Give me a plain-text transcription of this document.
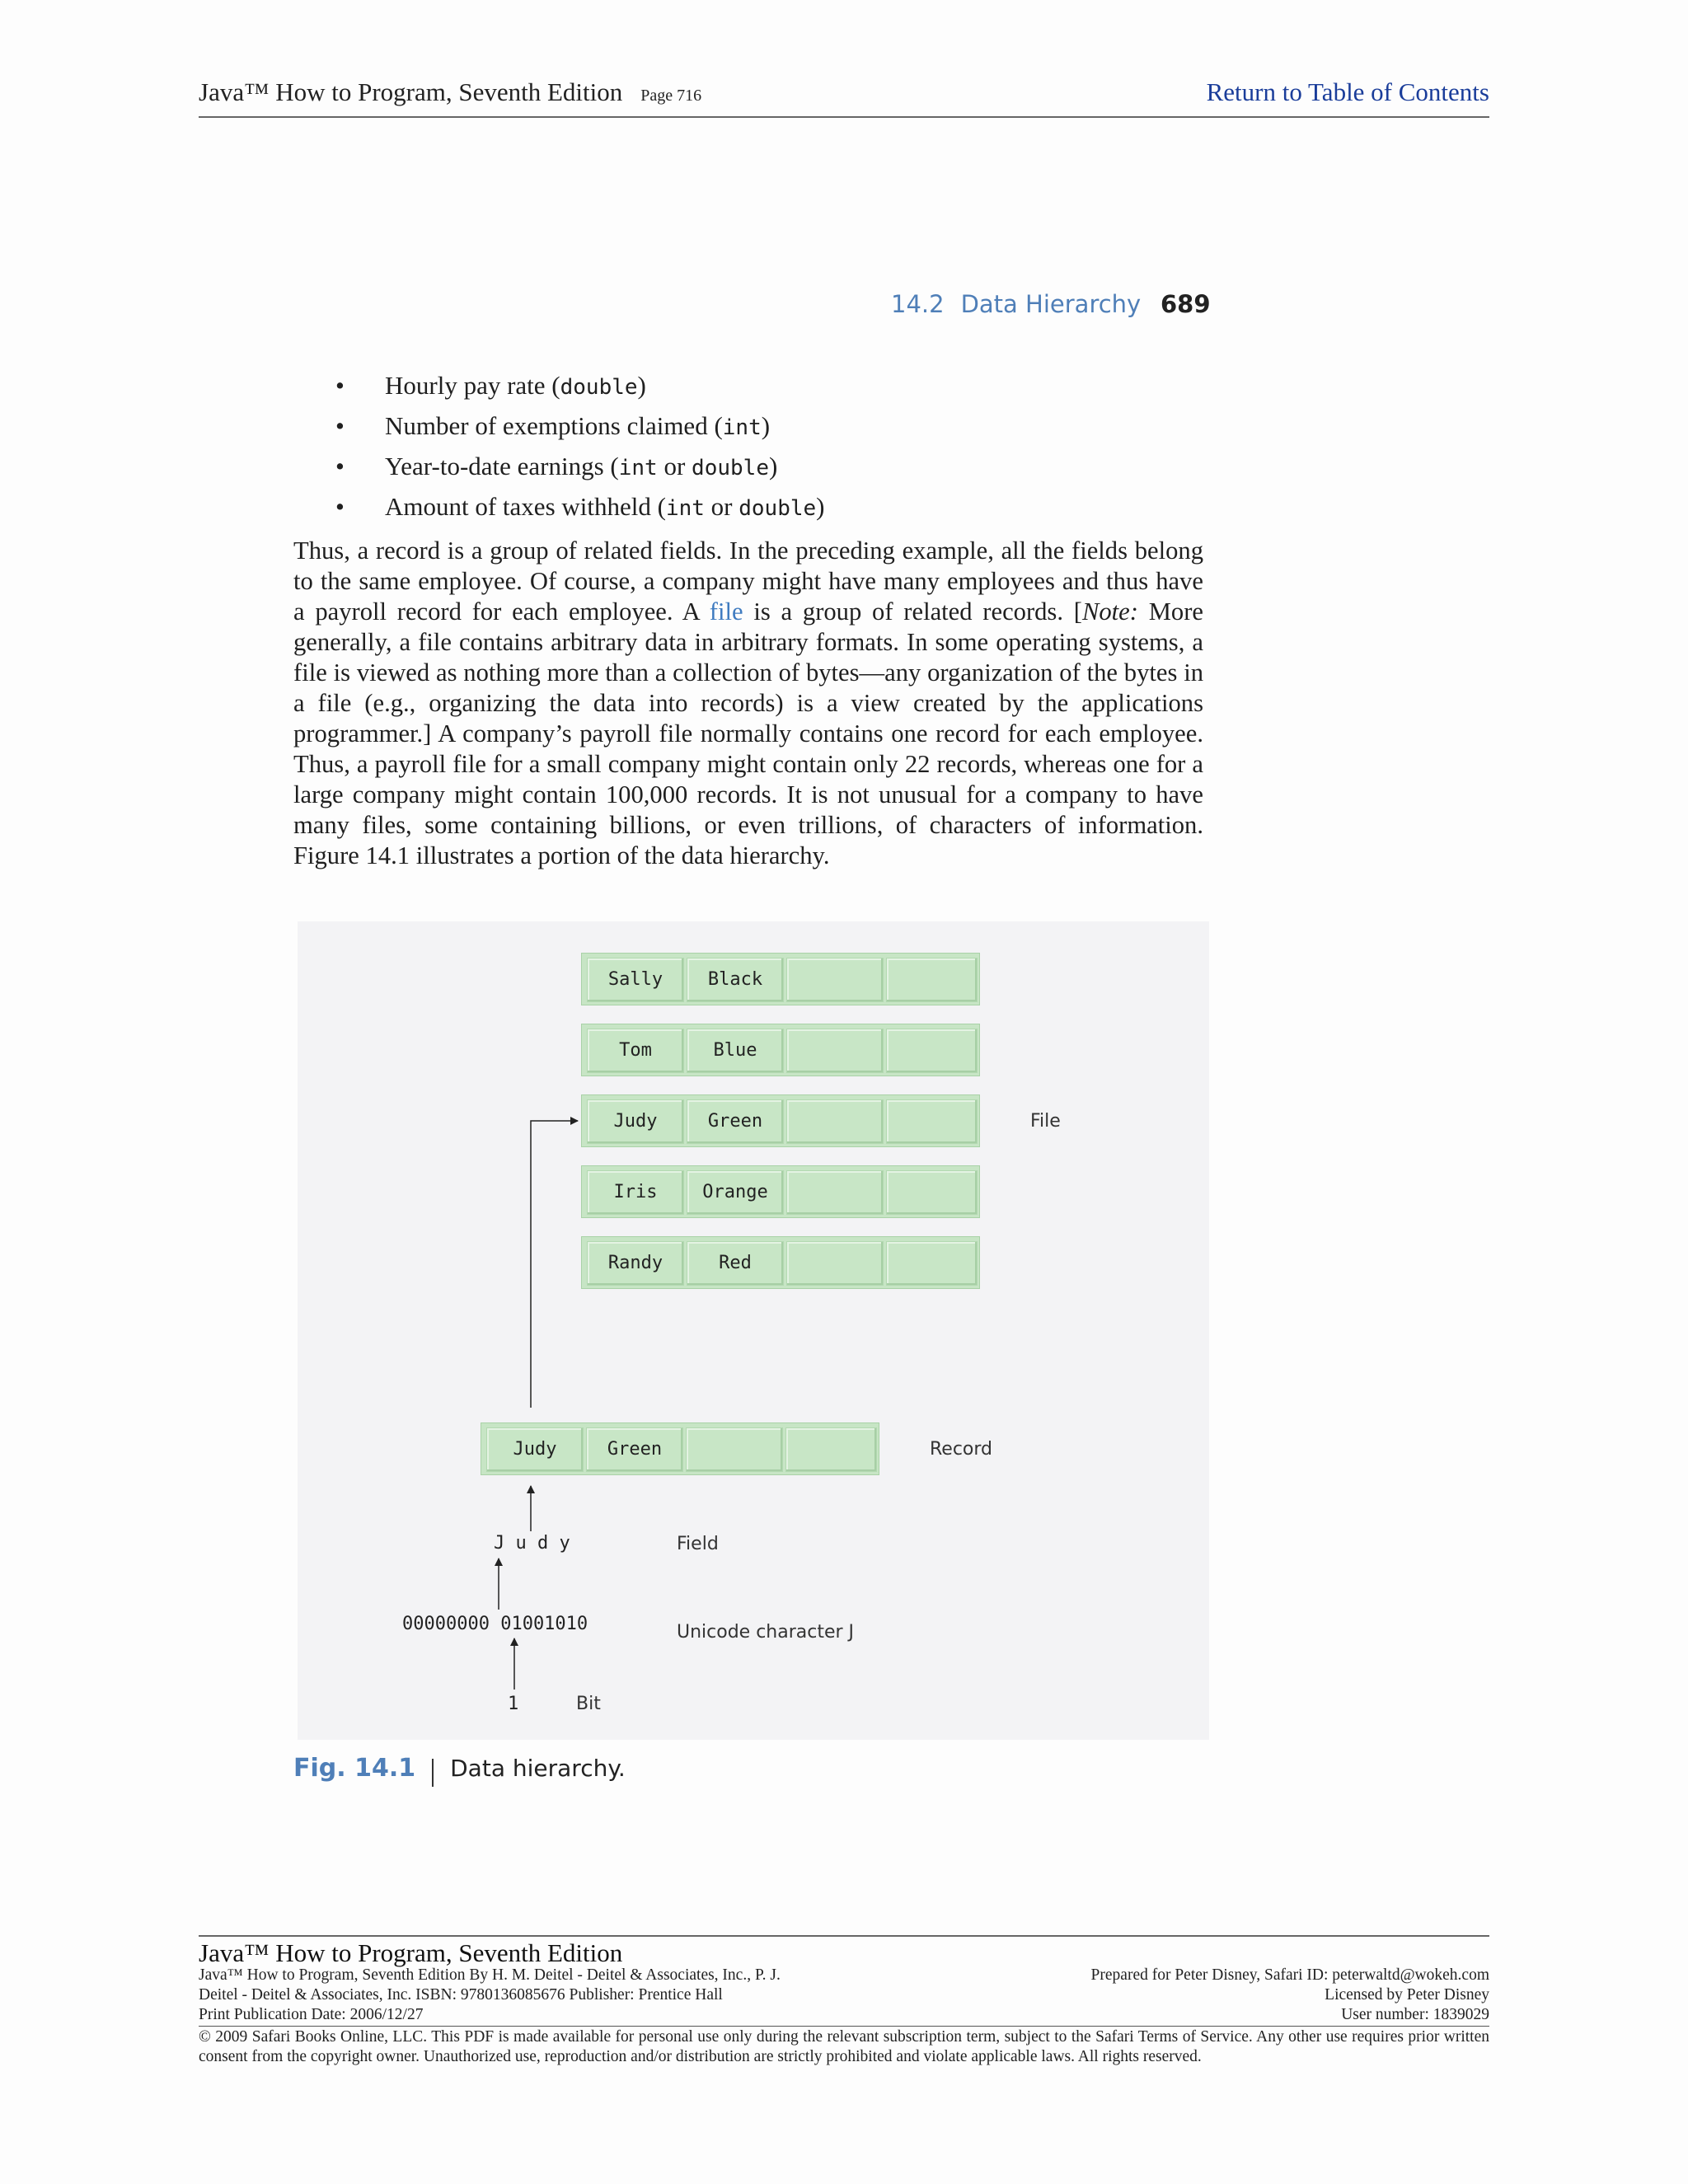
Java™ How to Program, Seventh Edition Page 716	Return to Table of Contents
14.2 Data Hierarchy 689
• Hourly pay rate (double)
• Number of exemptions claimed (int)
• Year-to-date earnings (int or double)
• Amount of taxes withheld (int or double)
Thus, a record is a group of related fields. In the preceding example, all the fields belong to the same employee. Of course, a company might have many employees and thus have a payroll record for each employee. A file is a group of related records. [Note: More generally, a file contains arbitrary data in arbitrary formats. In some operating systems, a file is viewed as nothing more than a collection of bytes—any organization of the bytes in a file (e.g., organizing the data into records) is a view created by the applications programmer.] A company’s payroll file normally contains one record for each employee. Thus, a payroll file for a small company might contain only 22 records, whereas one for a large company might contain 100,000 records. It is not unusual for a company to have many files, some containing billions, or even trillions, of characters of information. Figure 14.1 illustrates a portion of the data hierarchy.
Sally	Black
Tom	Blue
Judy	Green
Iris	Orange
Randy	Red
File
Judy	Green	Record
J u d y	Field
00000000 01001010	Unicode character J
1	Bit
Fig. 14.1 Data hierarchy.
Java™ How to Program, Seventh Edition
Java™ How to Program, Seventh Edition By H. M. Deitel - Deitel & Associates, Inc., P. J.
Deitel - Deitel & Associates, Inc. ISBN: 9780136085676 Publisher: Prentice Hall
Print Publication Date: 2006/12/27
Prepared for Peter Disney, Safari ID: peterwaltd@wokeh.com
Licensed by Peter Disney
User number: 1839029
© 2009 Safari Books Online, LLC. This PDF is made available for personal use only during the relevant subscription term, subject to the Safari Terms of Service. Any other use requires prior written consent from the copyright owner. Unauthorized use, reproduction and/or distribution are strictly prohibited and violate applicable laws. All rights reserved.
